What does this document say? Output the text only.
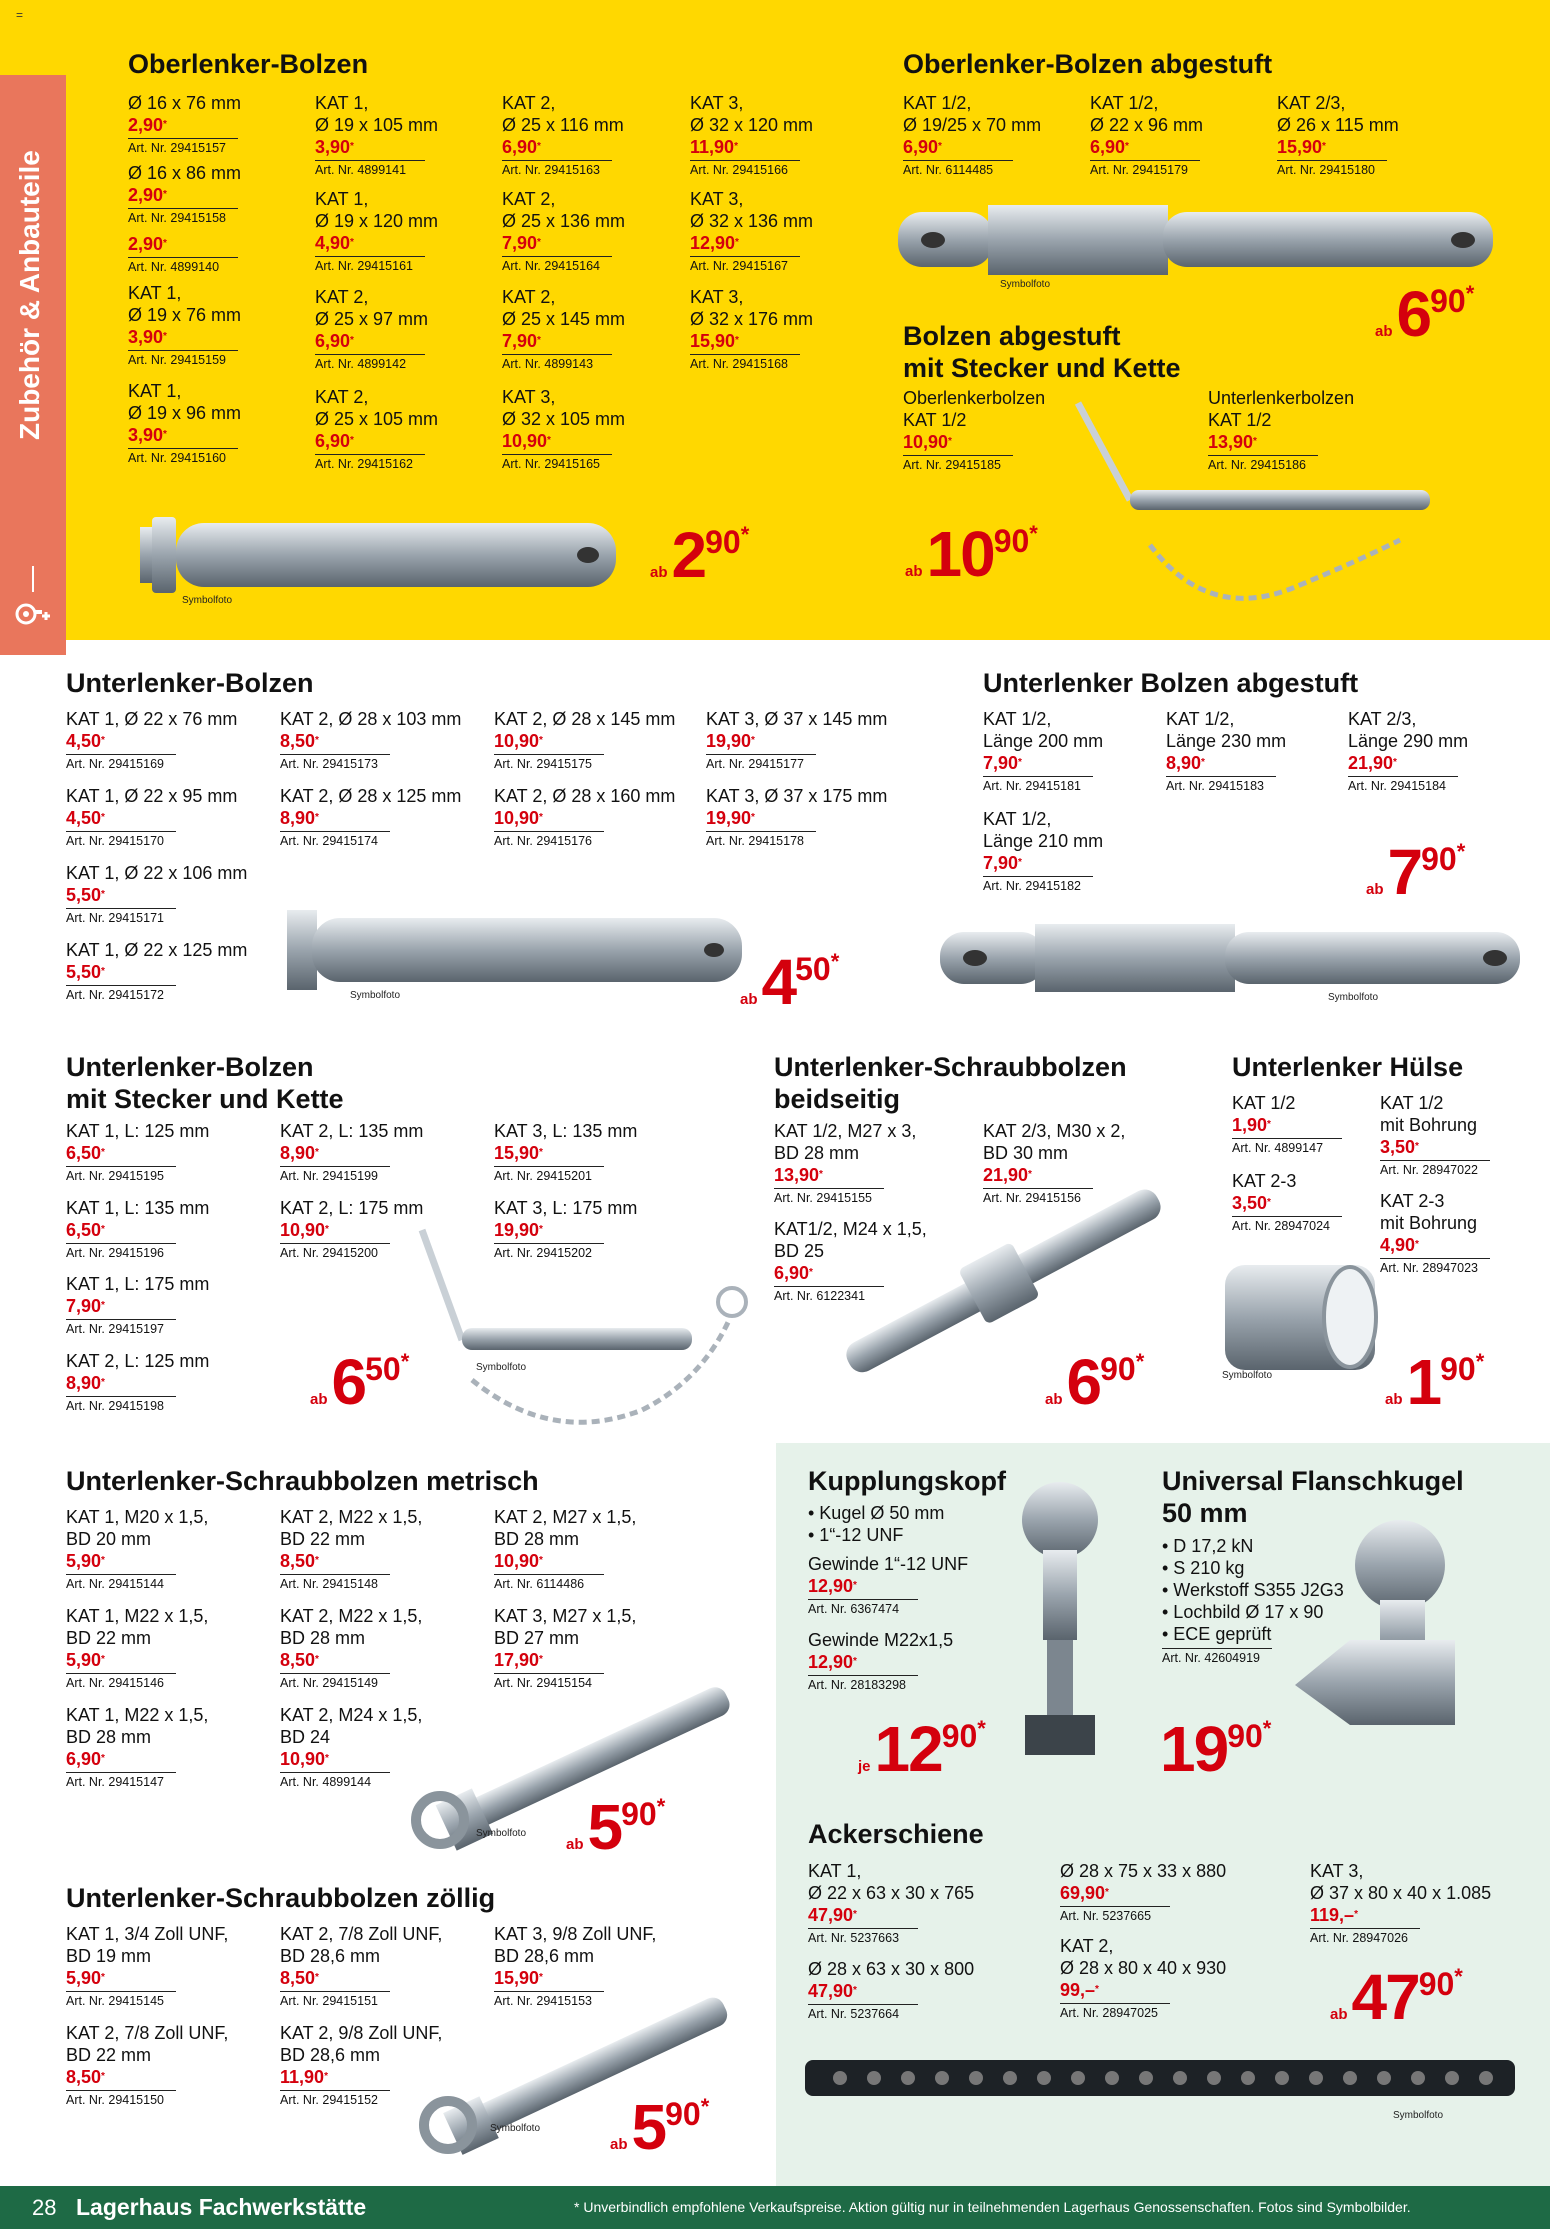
=
Zubehör & Anbauteile
Oberlenker-Bolzen	Oberlenker-Bolzen abgestuft
Bolzen abgestuft
mit Stecker und Kette
Unterlenker-Bolzen	Unterlenker Bolzen abgestuft
Unterlenker-Bolzen
mit Stecker und Kette
Unterlenker-Schraubbolzen
beidseitig
Unterlenker Hülse
Unterlenker-Schraubbolzen metrisch
Unterlenker-Schraubbolzen zöllig
Kupplungskopf	Universal Flanschkugel
50 mm
Ackerschiene
• Kugel Ø 50 mm
• 1“-12 UNF
• D 17,2 kN
• S 210 kg
• Werkstoff S355 J2G3
• Lochbild Ø 17 x 90
• ECE geprüft
Art. Nr. 42604919
Symbolfoto
Symbolfoto
Symbolfoto	Symbolfoto
Symbolfoto
Symbolfoto
Symbolfoto
Symbolfoto
Symbolfoto
Ø 16 x 76 mm
2,90*
Art. Nr. 29415157
Ø 16 x 86 mm
2,90*
Art. Nr. 29415158
2,90*
Art. Nr. 4899140
KAT 1,
Ø 19 x 76 mm
3,90*
Art. Nr. 29415159
KAT 1,
Ø 19 x 96 mm
3,90*
Art. Nr. 29415160
KAT 1,
Ø 19 x 105 mm
3,90*
Art. Nr. 4899141
KAT 1,
Ø 19 x 120 mm
4,90*
Art. Nr. 29415161
KAT 2,
Ø 25 x 97 mm
6,90*
Art. Nr. 4899142
KAT 2,
Ø 25 x 105 mm
6,90*
Art. Nr. 29415162
KAT 2,
Ø 25 x 116 mm
6,90*
Art. Nr. 29415163
KAT 2,
Ø 25 x 136 mm
7,90*
Art. Nr. 29415164
KAT 2,
Ø 25 x 145 mm
7,90*
Art. Nr. 4899143
KAT 3,
Ø 32 x 105 mm
10,90*
Art. Nr. 29415165
KAT 3,
Ø 32 x 120 mm
11,90*
Art. Nr. 29415166
KAT 3,
Ø 32 x 136 mm
12,90*
Art. Nr. 29415167
KAT 3,
Ø 32 x 176 mm
15,90*
Art. Nr. 29415168
KAT 1/2,
Ø 19/25 x 70 mm
6,90*
Art. Nr. 6114485
KAT 1/2,
Ø 22 x 96 mm
6,90*
Art. Nr. 29415179
KAT 2/3,
Ø 26 x 115 mm
15,90*
Art. Nr. 29415180
Oberlenkerbolzen
KAT 1/2
10,90*
Art. Nr. 29415185
Unterlenkerbolzen
KAT 1/2
13,90*
Art. Nr. 29415186
KAT 1, Ø 22 x 76 mm
4,50*
Art. Nr. 29415169
KAT 1, Ø 22 x 95 mm
4,50*
Art. Nr. 29415170
KAT 1, Ø 22 x 106 mm
5,50*
Art. Nr. 29415171
KAT 1, Ø 22 x 125 mm
5,50*
Art. Nr. 29415172
KAT 2, Ø 28 x 103 mm
8,50*
Art. Nr. 29415173
KAT 2, Ø 28 x 125 mm
8,90*
Art. Nr. 29415174
KAT 2, Ø 28 x 145 mm
10,90*
Art. Nr. 29415175
KAT 2, Ø 28 x 160 mm
10,90*
Art. Nr. 29415176
KAT 3, Ø 37 x 145 mm
19,90*
Art. Nr. 29415177
KAT 3, Ø 37 x 175 mm
19,90*
Art. Nr. 29415178
KAT 1/2,
Länge 200 mm
7,90*
Art. Nr. 29415181
KAT 1/2,
Länge 210 mm
7,90*
Art. Nr. 29415182
KAT 1/2,
Länge 230 mm
8,90*
Art. Nr. 29415183
KAT 2/3,
Länge 290 mm
21,90*
Art. Nr. 29415184
KAT 1, L: 125 mm
6,50*
Art. Nr. 29415195
KAT 1, L: 135 mm
6,50*
Art. Nr. 29415196
KAT 1, L: 175 mm
7,90*
Art. Nr. 29415197
KAT 2, L: 125 mm
8,90*
Art. Nr. 29415198
KAT 2, L: 135 mm
8,90*
Art. Nr. 29415199
KAT 2, L: 175 mm
10,90*
Art. Nr. 29415200
KAT 3, L: 135 mm
15,90*
Art. Nr. 29415201
KAT 3, L: 175 mm
19,90*
Art. Nr. 29415202
KAT 1/2, M27 x 3,
BD 28 mm
13,90*
Art. Nr. 29415155
KAT1/2, M24 x 1,5,
BD 25
6,90*
Art. Nr. 6122341
KAT 2/3, M30 x 2,
BD 30 mm
21,90*
Art. Nr. 29415156
KAT 1/2
1,90*
Art. Nr. 4899147
KAT 2-3
3,50*
Art. Nr. 28947024
KAT 1/2
mit Bohrung
3,50*
Art. Nr. 28947022
KAT 2-3
mit Bohrung
4,90*
Art. Nr. 28947023
KAT 1, M20 x 1,5,
BD 20 mm
5,90*
Art. Nr. 29415144
KAT 1, M22 x 1,5,
BD 22 mm
5,90*
Art. Nr. 29415146
KAT 1, M22 x 1,5,
BD 28 mm
6,90*
Art. Nr. 29415147
KAT 2, M22 x 1,5,
BD 22 mm
8,50*
Art. Nr. 29415148
KAT 2, M22 x 1,5,
BD 28 mm
8,50*
Art. Nr. 29415149
KAT 2, M24 x 1,5,
BD 24
10,90*
Art. Nr. 4899144
KAT 2, M27 x 1,5,
BD 28 mm
10,90*
Art. Nr. 6114486
KAT 3, M27 x 1,5,
BD 27 mm
17,90*
Art. Nr. 29415154
KAT 1, 3/4 Zoll UNF,
BD 19 mm
5,90*
Art. Nr. 29415145
KAT 2, 7/8 Zoll UNF,
BD 22 mm
8,50*
Art. Nr. 29415150
KAT 2, 7/8 Zoll UNF,
BD 28,6 mm
8,50*
Art. Nr. 29415151
KAT 2, 9/8 Zoll UNF,
BD 28,6 mm
11,90*
Art. Nr. 29415152
KAT 3, 9/8 Zoll UNF,
BD 28,6 mm
15,90*
Art. Nr. 29415153
Gewinde 1“-12 UNF
12,90*
Art. Nr. 6367474
Gewinde M22x1,5
12,90*
Art. Nr. 28183298
KAT 1,
Ø 22 x 63 x 30 x 765
47,90*
Art. Nr. 5237663
Ø 28 x 63 x 30 x 800
47,90*
Art. Nr. 5237664
Ø 28 x 75 x 33 x 880
69,90*
Art. Nr. 5237665
KAT 2,
Ø 28 x 80 x 40 x 930
99,–*
Art. Nr. 28947025
KAT 3,
Ø 37 x 80 x 40 x 1.085
119,–*
Art. Nr. 28947026
ab290*
ab690*
ab1090*
ab450*
ab790*
ab650*
ab690*
ab190*
ab590*
ab590*
je1290*	1990*
ab4790*
28 Lagerhaus Fachwerkstätte	* Unverbindlich empfohlene Verkaufspreise. Aktion gültig nur in teilnehmenden Lagerhaus Genossenschaften. Fotos sind Symbolbilder.
